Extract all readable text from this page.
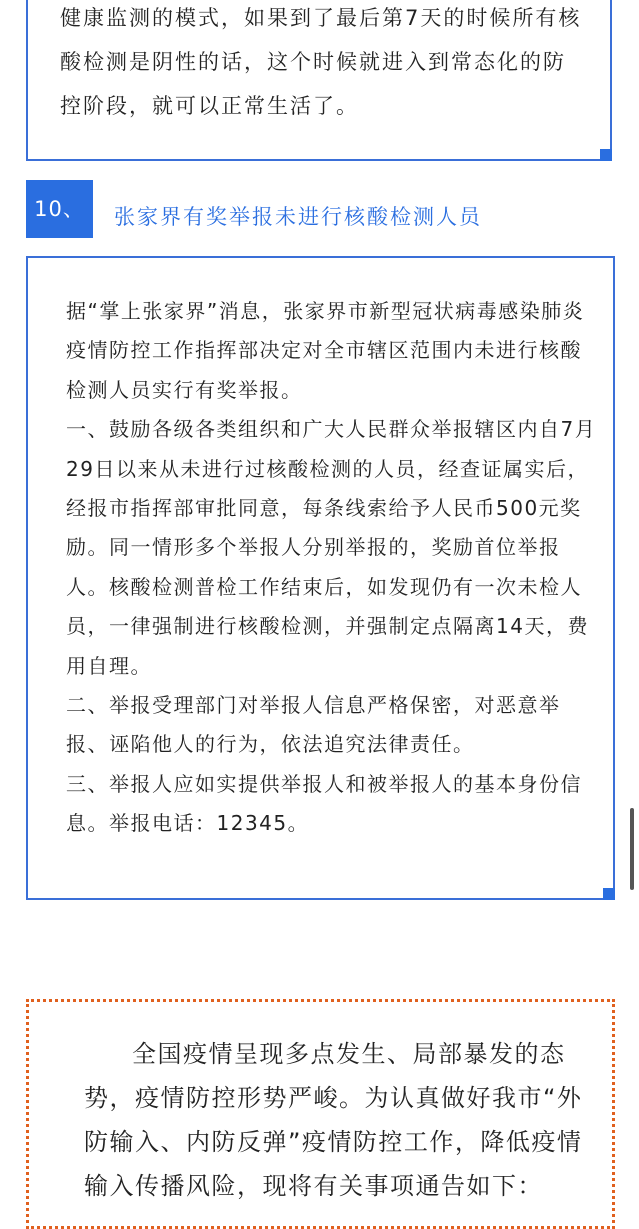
健康监测的模式，如果到了最后第7天的时候所有核酸检测是阴性的话，这个时候就进入到常态化的防控阶段，就可以正常生活了。

10、	张家界有奖举报未进行核酸检测人员

据“掌上张家界”消息，张家界市新型冠状病毒感染肺炎疫情防控工作指挥部决定对全市辖区范围内未进行核酸检测人员实行有奖举报。
一、鼓励各级各类组织和广大人民群众举报辖区内自7月29日以来从未进行过核酸检测的人员，经查证属实后，经报市指挥部审批同意，每条线索给予人民币500元奖励。同一情形多个举报人分别举报的，奖励首位举报人。核酸检测普检工作结束后，如发现仍有一次未检人员，一律强制进行核酸检测，并强制定点隔离14天，费用自理。
二、举报受理部门对举报人信息严格保密，对恶意举报、诬陷他人的行为，依法追究法律责任。
三、举报人应如实提供举报人和被举报人的基本身份信息。举报电话：12345。

全国疫情呈现多点发生、局部暴发的态势，疫情防控形势严峻。为认真做好我市“外防输入、内防反弹”疫情防控工作，降低疫情输入传播风险，现将有关事项通告如下：
